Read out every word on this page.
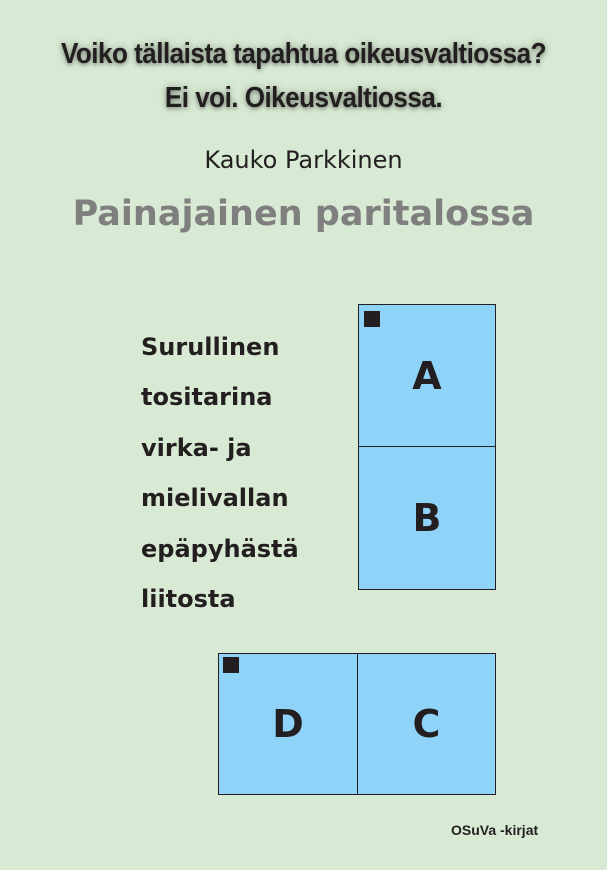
Voiko tällaista tapahtua oikeusvaltiossa?
Ei voi. Oikeusvaltiossa.
Kauko Parkkinen
Painajainen paritalossa
Surullinen
tositarina
virka- ja
mielivallan
epäpyhästä
liitosta
A
B
D	C
OSuVa -kirjat
